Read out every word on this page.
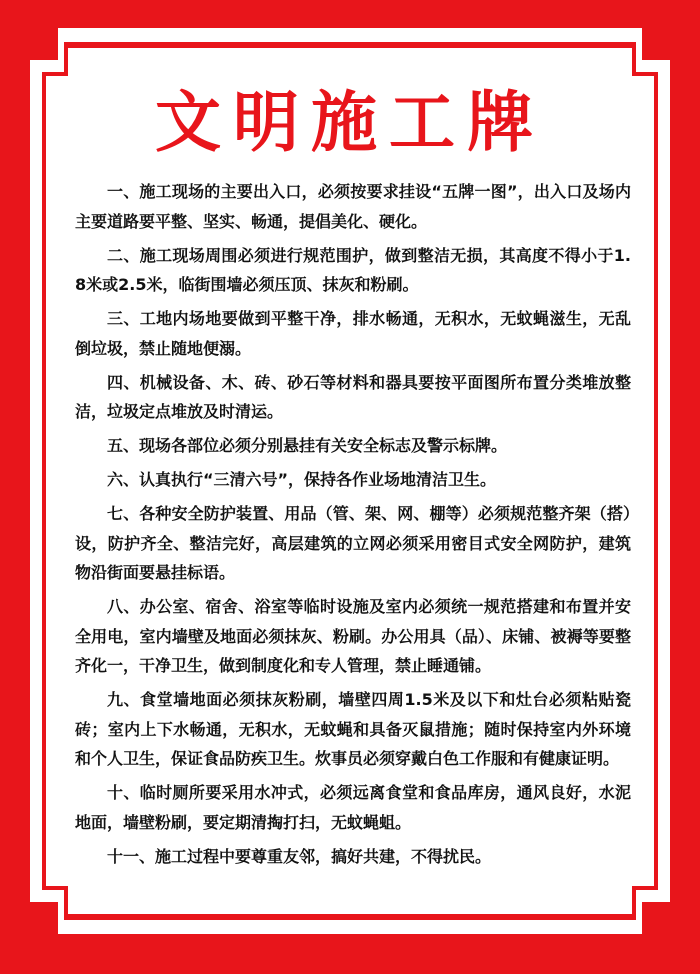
文明施工牌
一、施工现场的主要出入口，必须按要求挂设“五牌一图”，出入口及场内主要道路要平整、坚实、畅通，提倡美化、硬化。
二、施工现场周围必须进行规范围护，做到整洁无损，其高度不得小于1.8米或2.5米，临街围墙必须压顶、抹灰和粉刷。
三、工地内场地要做到平整干净，排水畅通，无积水，无蚊蝇滋生，无乱倒垃圾，禁止随地便溺。
四、机械设备、木、砖、砂石等材料和器具要按平面图所布置分类堆放整洁，垃圾定点堆放及时清运。
五、现场各部位必须分别悬挂有关安全标志及警示标牌。
六、认真执行“三清六号”，保持各作业场地清洁卫生。
七、各种安全防护装置、用品（管、架、网、棚等）必须规范整齐架（搭）设，防护齐全、整洁完好，高层建筑的立网必须采用密目式安全网防护，建筑物沿街面要悬挂标语。
八、办公室、宿舍、浴室等临时设施及室内必须统一规范搭建和布置并安全用电，室内墙壁及地面必须抹灰、粉刷。办公用具（品）、床铺、被褥等要整齐化一，干净卫生，做到制度化和专人管理，禁止睡通铺。
九、食堂墙地面必须抹灰粉刷，墙壁四周1.5米及以下和灶台必须粘贴瓷砖；室内上下水畅通，无积水，无蚊蝇和具备灭鼠措施；随时保持室内外环境和个人卫生，保证食品防疾卫生。炊事员必须穿戴白色工作服和有健康证明。
十、临时厕所要采用水冲式，必须远离食堂和食品库房，通风良好，水泥地面，墙壁粉刷，要定期清掏打扫，无蚊蝇蛆。
十一、施工过程中要尊重友邻，搞好共建，不得扰民。
